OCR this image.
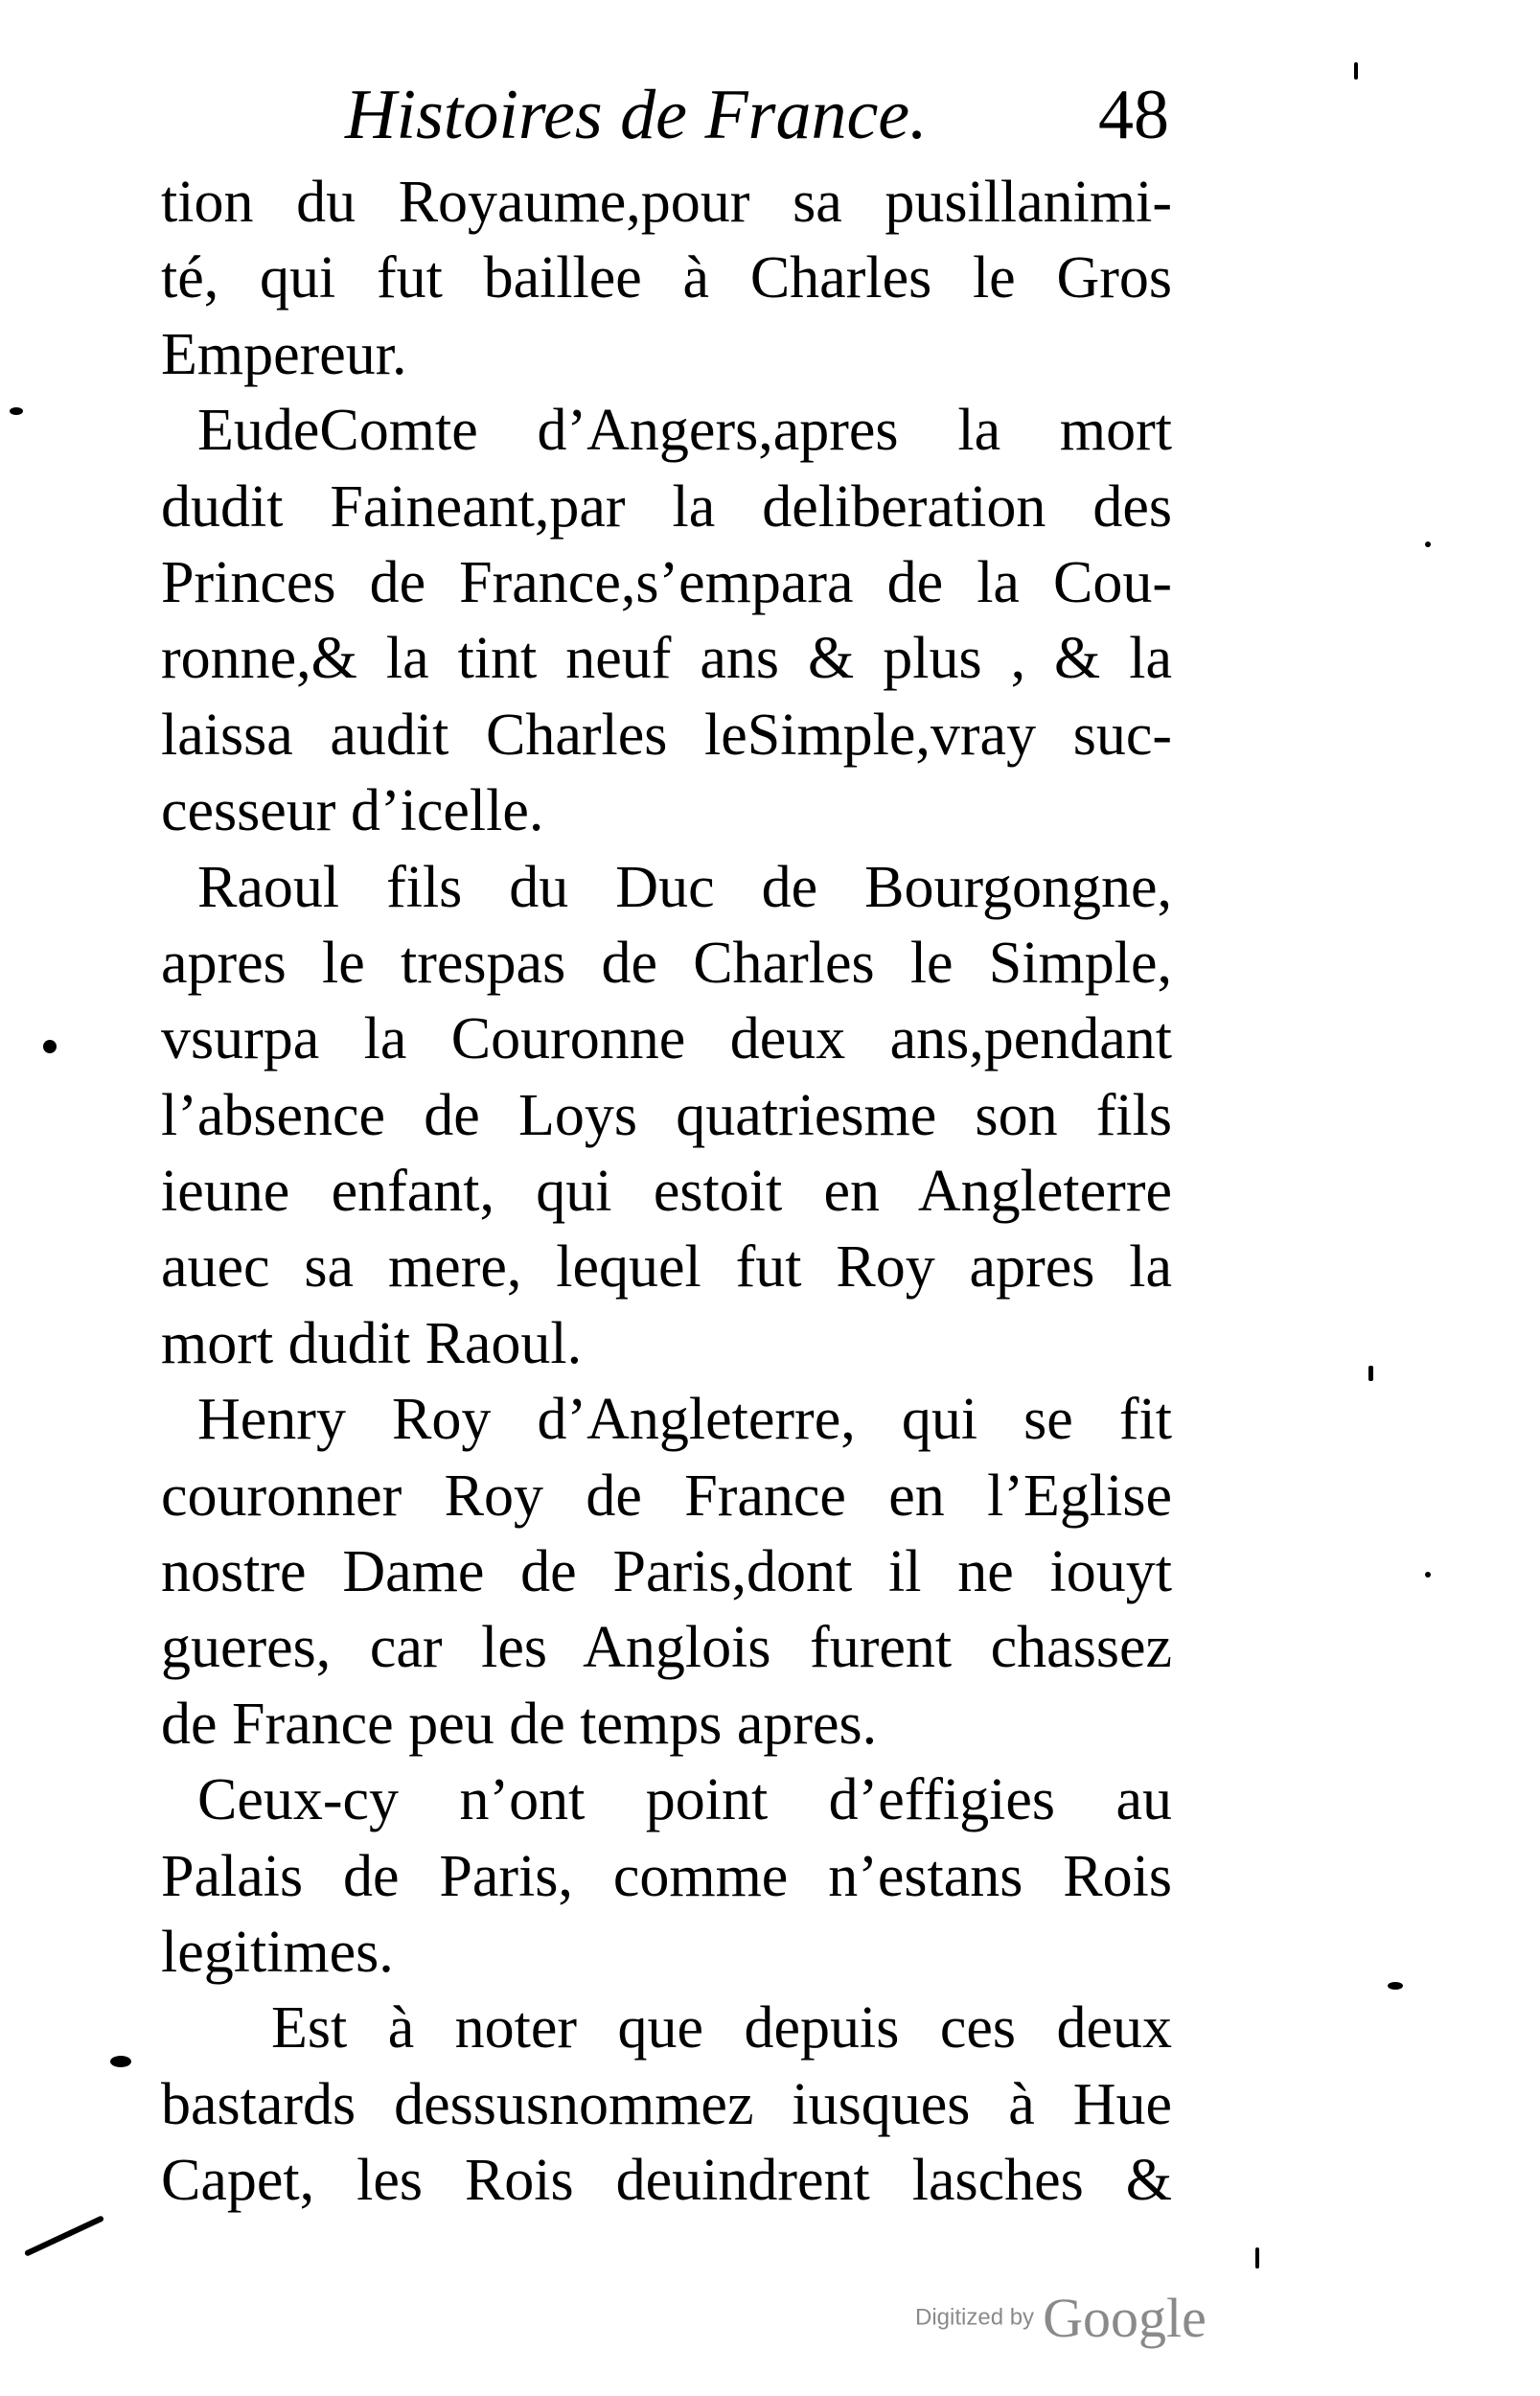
Histoires de France. 48
tion du Royaume,pour sa pusillanimi-
té, qui fut baillee à Charles le Gros
Empereur.
EudeComte d’Angers,apres la mort
dudit Faineant,par la deliberation des
Princes de France,s’empara de la Cou-
ronne,& la tint neuf ans & plus , & la
laissa audit Charles leSimple,vray suc-
cesseur d’icelle.
Raoul fils du Duc de Bourgongne,
apres le trespas de Charles le Simple,
vsurpa la Couronne deux ans,pendant
l’absence de Loys quatriesme son fils
ieune enfant, qui estoit en Angleterre
auec sa mere, lequel fut Roy apres la
mort dudit Raoul.
Henry Roy d’Angleterre, qui se fit
couronner Roy de France en l’Eglise
nostre Dame de Paris,dont il ne iouyt
gueres, car les Anglois furent chassez
de France peu de temps apres.
Ceux-cy n’ont point d’effigies au
Palais de Paris, comme n’estans Rois
legitimes.
Est à noter que depuis ces deux
bastards dessusnommez iusques à Hue
Capet, les Rois deuindrent lasches &
Digitized by Google
